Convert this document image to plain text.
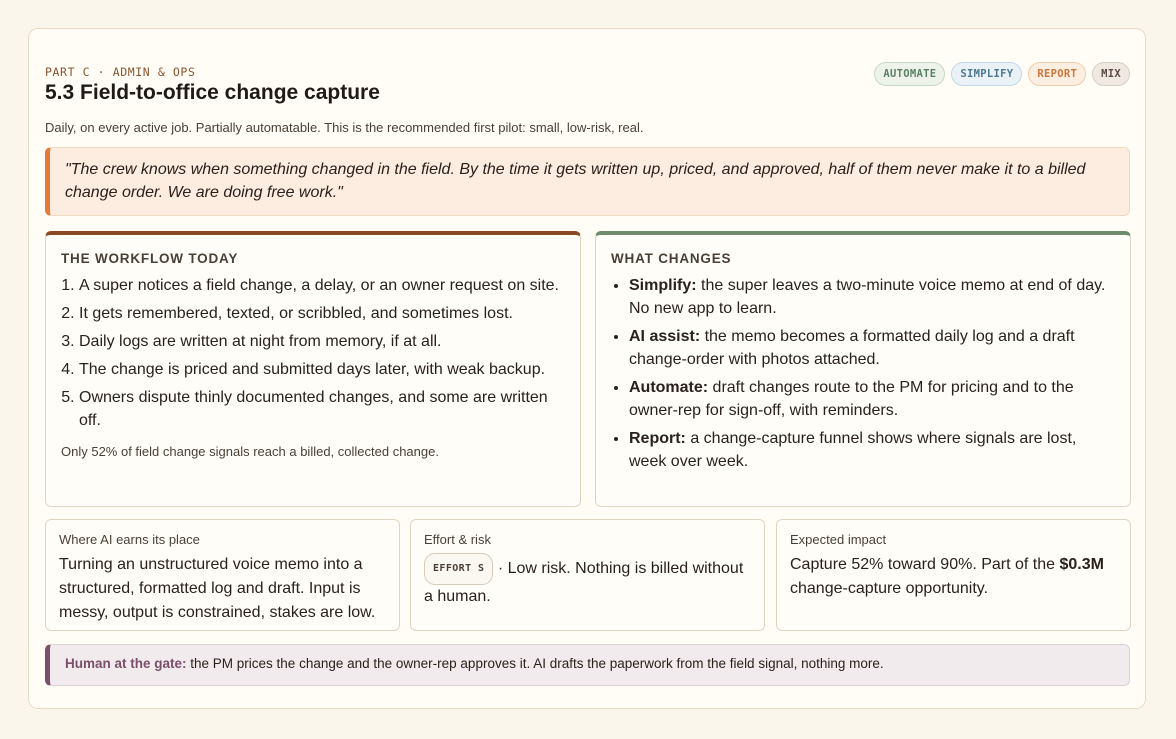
PART C · ADMIN & OPS
5.3 Field-to-office change capture
AUTOMATE	SIMPLIFY	REPORT	MIX
Daily, on every active job. Partially automatable. This is the recommended first pilot: small, low-risk, real.
"The crew knows when something changed in the field. By the time it gets written up, priced, and approved, half of them never make it to a billed change order. We are doing free work."
THE WORKFLOW TODAY
1. A super notices a field change, a delay, or an owner request on site.
2. It gets remembered, texted, or scribbled, and sometimes lost.
3. Daily logs are written at night from memory, if at all.
4. The change is priced and submitted days later, with weak backup.
5. Owners dispute thinly documented changes, and some are written off.
Only 52% of field change signals reach a billed, collected change.
WHAT CHANGES
• Simplify: the super leaves a two-minute voice memo at end of day. No new app to learn.
• AI assist: the memo becomes a formatted daily log and a draft change-order with photos attached.
• Automate: draft changes route to the PM for pricing and to the owner-rep for sign-off, with reminders.
• Report: a change-capture funnel shows where signals are lost, week over week.
Where AI earns its place
Turning an unstructured voice memo into a structured, formatted log and draft. Input is messy, output is constrained, stakes are low.
Effort & risk
EFFORT S · Low risk. Nothing is billed without a human.
Expected impact
Capture 52% toward 90%. Part of the $0.3M change-capture opportunity.
Human at the gate: the PM prices the change and the owner-rep approves it. AI drafts the paperwork from the field signal, nothing more.
